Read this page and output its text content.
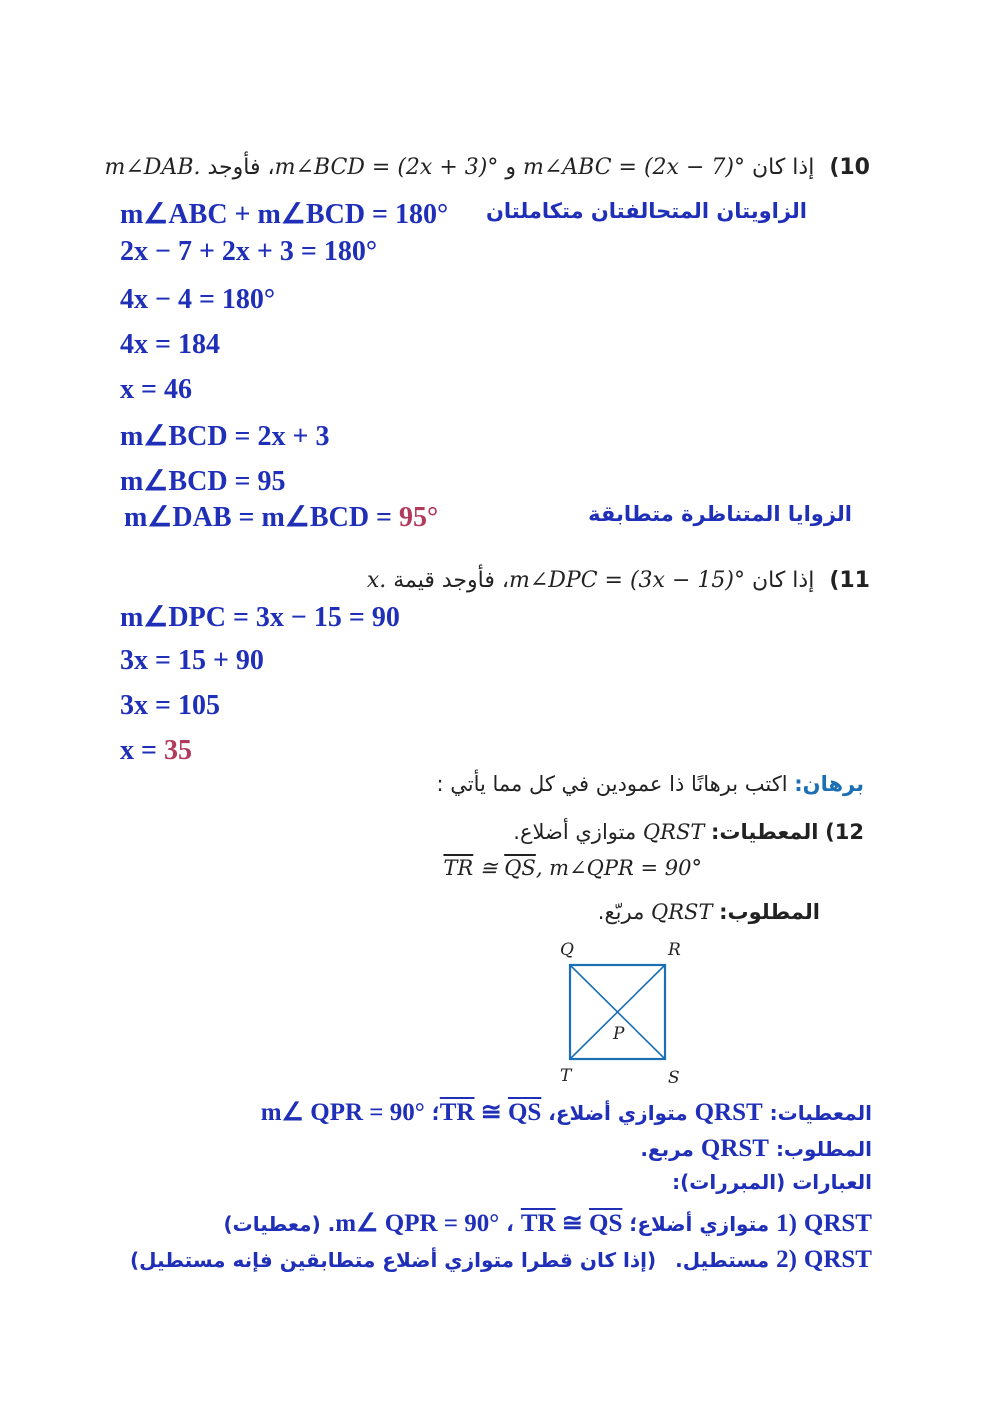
10) إذا كان m∠ABC = (2x − 7)° و m∠BCD = (2x + 3)°، فأوجد m∠DAB.
m∠ABC + m∠BCD = 180° الزاويتان المتحالفتان متكاملتان
2x − 7 + 2x + 3 = 180°
4x − 4 = 180°
4x = 184
x = 46
m∠BCD = 2x + 3
m∠BCD = 95
m∠DAB = m∠BCD = 95°	الزوايا المتناظرة متطابقة
11) إذا كان m∠DPC = (3x − 15)°، فأوجد قيمة x.
m∠DPC = 3x − 15 = 90
3x = 15 + 90
3x = 105
x = 35
برهان: اكتب برهانًا ذا عمودين في كل مما يأتي :
12) المعطيات: QRST متوازي أضلاع.
$\overline{TR}$ ≅ $\overline{QS}$, m∠QPR = 90°
المطلوب: QRST مربّع.
Q	R
T	S
P
المعطيات: QRST متوازي أضلاع، $\overline{TR}$ ≅ $\overline{QS}؛$ m∠ QPR = 90°
المطلوب: QRST مربع.
العبارات (المبررات):
1) QRST متوازي أضلاع؛ m∠ QPR = 90° ، $\overline{TR}$ ≅ $\overline{QS}$. (معطيات)
2) QRST مستطيل. (إذا كان قطرا متوازي أضلاع متطابقين فإنه مستطيل)
